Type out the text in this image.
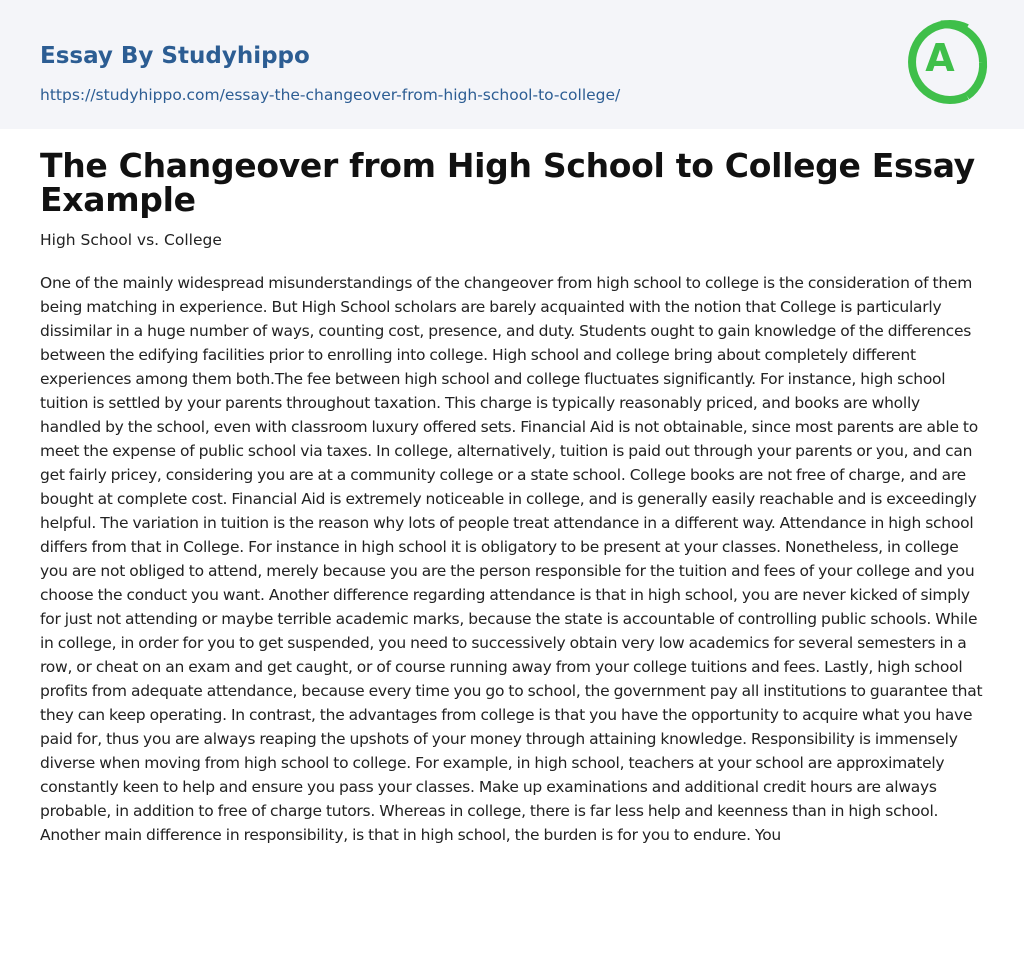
Essay By Studyhippo
https://studyhippo.com/essay-the-changeover-from-high-school-to-college/
A
The Changeover from High School to College Essay Example
High School vs. College

One of the mainly widespread misunderstandings of the changeover from high school to college is the consideration of them being matching in experience. But High School scholars are barely acquainted with the notion that College is particularly dissimilar in a huge number of ways, counting cost, presence, and duty. Students ought to gain knowledge of the differences between the edifying facilities prior to enrolling into college. High school and college bring about completely different experiences among them both.The fee between high school and college fluctuates significantly. For instance, high school tuition is settled by your parents throughout taxation. This charge is typically reasonably priced, and books are wholly handled by the school, even with classroom luxury offered sets. Financial Aid is not obtainable, since most parents are able to meet the expense of public school via taxes. In college, alternatively, tuition is paid out through your parents or you, and can get fairly pricey, considering you are at a community college or a state school. College books are not free of charge, and are bought at complete cost. Financial Aid is extremely noticeable in college, and is generally easily reachable and is exceedingly helpful. The variation in tuition is the reason why lots of people treat attendance in a different way. Attendance in high school differs from that in College. For instance in high school it is obligatory to be present at your classes. Nonetheless, in college you are not obliged to attend, merely because you are the person responsible for the tuition and fees of your college and you choose the conduct you want. Another difference regarding attendance is that in high school, you are never kicked of simply for just not attending or maybe terrible academic marks, because the state is accountable of controlling public schools. While in college, in order for you to get suspended, you need to successively obtain very low academics for several semesters in a row, or cheat on an exam and get caught, or of course running away from your college tuitions and fees. Lastly, high school profits from adequate attendance, because every time you go to school, the government pay all institutions to guarantee that they can keep operating. In contrast, the advantages from college is that you have the opportunity to acquire what you have paid for, thus you are always reaping the upshots of your money through attaining knowledge. Responsibility is immensely diverse when moving from high school to college. For example, in high school, teachers at your school are approximately constantly keen to help and ensure you pass your classes. Make up examinations and additional credit hours are always probable, in addition to free of charge tutors. Whereas in college, there is far less help and keenness than in high school. Another main difference in responsibility, is that in high school, the burden is for you to endure. You
